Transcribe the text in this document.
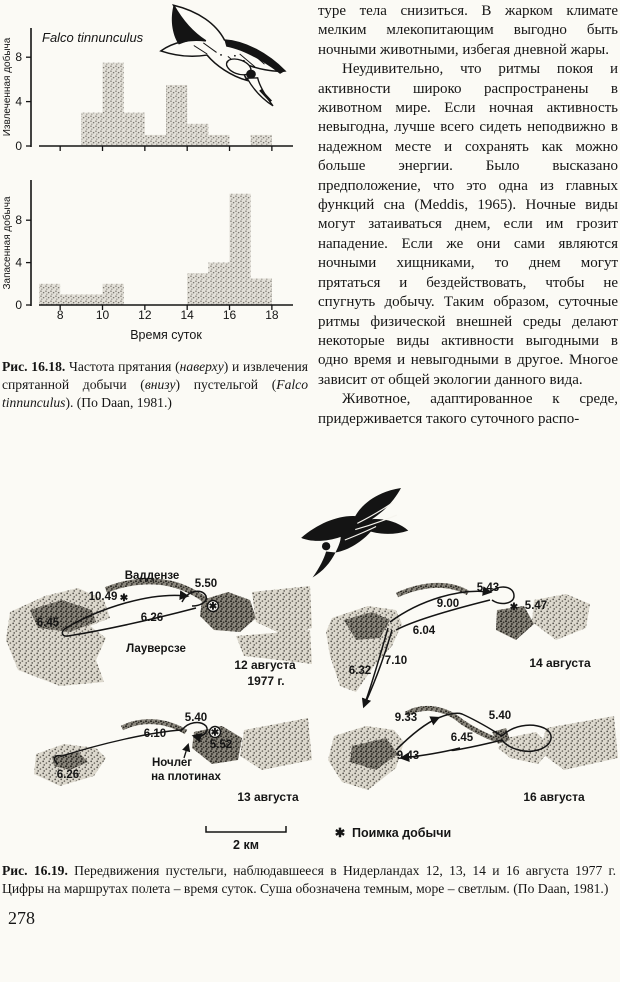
0
4
8
Извлеченная добыча
Falco tinnunculus
0
4
8
8	10 12 14 16 18
Запасенная добыча
Время суток

туре тела снизиться. В жарком климате мелким млекопитающим выгодно быть ночными животными, избегая дневной жары.

Неудивительно, что ритмы покоя и активности широко распространены в животном мире. Если ночная активность невыгодна, лучше всего сидеть неподвижно в надежном месте и сохранять как можно больше энергии. Было высказано предположение, что это одна из главных функций сна (Meddis, 1965). Ночные виды могут затаиваться днем, если им грозит нападение. Если же они сами являются ночными хищниками, то днем могут прятаться и бездействовать, чтобы не спугнуть добычу. Таким образом, суточные ритмы физической внешней среды делают некоторые виды активности выгодными в одно время и невыгодными в другое. Многое зависит от общей экологии данного вида.

Животное, адаптированное к среде, придерживается такого суточного распо-

Рис. 16.18. Частота прятания (наверху) и извлечения спрятанной добычи (внизу) пустельгой (Falco tinnunculus). (По Daan, 1981.)
✱
✱
Ваддензе
Лауверсзе
10.49
5.50
6.26
6.45
12 августа
1977 г.
✱
5.43
5.47
9.00
6.04
7.10
6.32
14 августа
✱
5.40
6.10
6.26
5.52
Ночлег
на плотинах
13 августа
9.33
6.45
5.40
9.43
16 августа
2 км
✱ Поимка добычи
Рис. 16.19. Передвижения пустельги, наблюдавшееся в Нидерландах 12, 13, 14 и 16 августа 1977 г. Цифры на маршрутах полета – время суток. Суша обозначена темным, море – светлым. (По Daan, 1981.)
278
